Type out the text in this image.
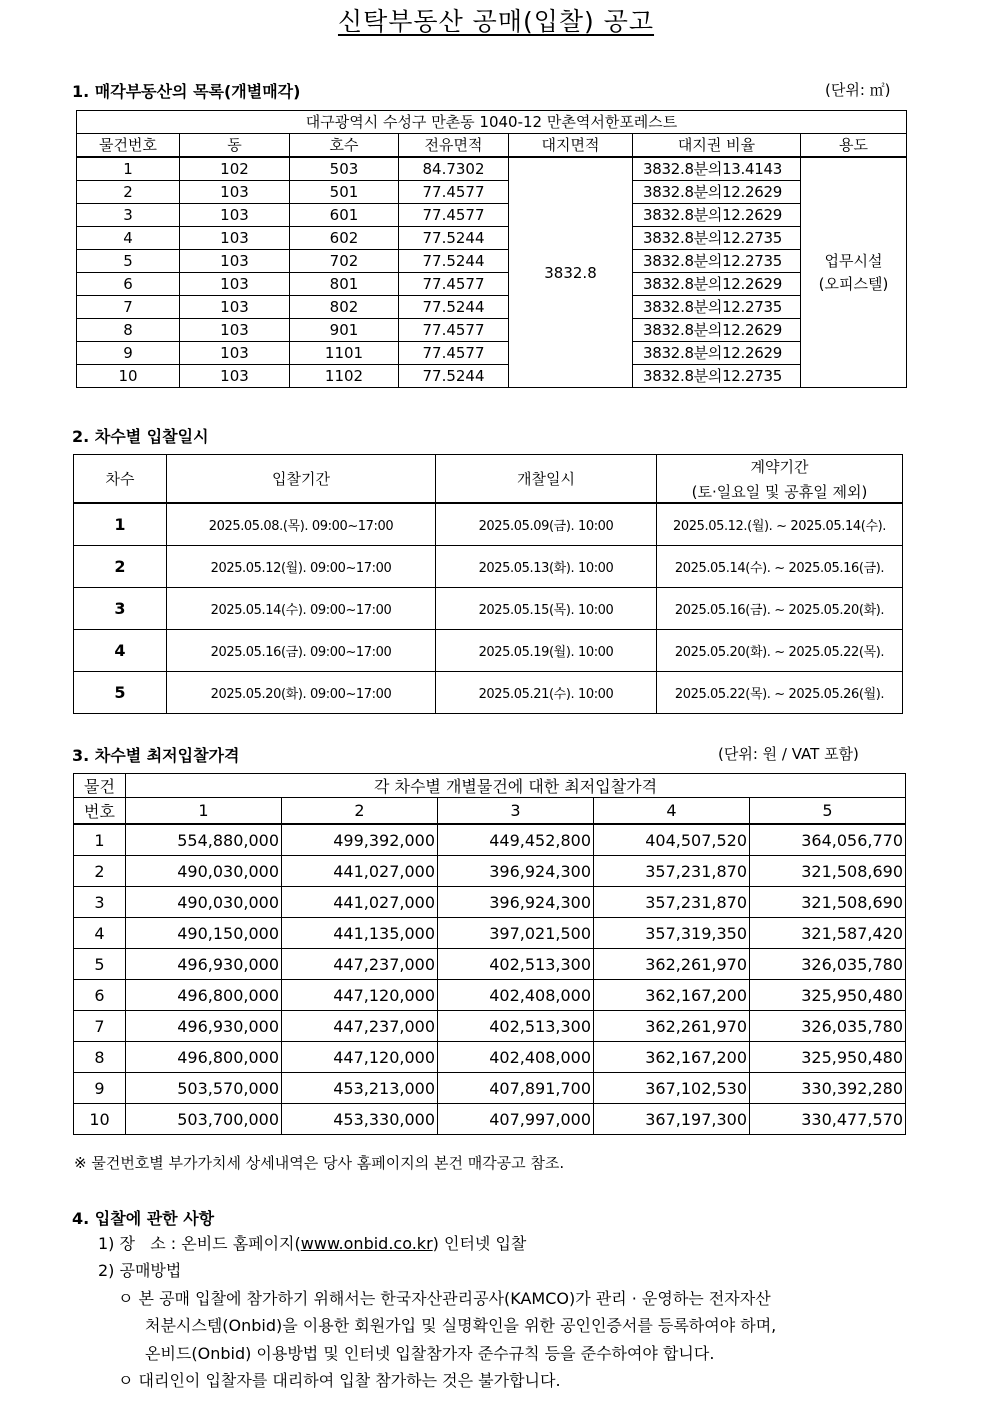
신탁부동산 공매(입찰) 공고
1. 매각부동산의 목록(개별매각)	(단위: ㎡)
대구광역시 수성구 만촌동 1040-12 만촌역서한포레스트						
물건번호	동	호수	전유면적	대지면적	대지권 비율	용도
1	102	503	84.7302	3832.8	3832.8분의13.4143	업무시설
(오피스텔)

2	103	501	77.4577		3832.8분의12.2629	
3	103	601	77.4577		3832.8분의12.2629	
4	103	602	77.5244		3832.8분의12.2735	
5	103	702	77.5244		3832.8분의12.2735	
6	103	801	77.4577		3832.8분의12.2629	
7	103	802	77.5244		3832.8분의12.2735	
8	103	901	77.4577		3832.8분의12.2629	
9	103	1101	77.4577		3832.8분의12.2629	
10	103	1102	77.5244		3832.8분의12.2735	
2. 차수별 입찰일시
차수	입찰기간	개찰일시	계약기간
(토·일요일 및 공휴일 제외)

1	2025.05.08.(목). 09:00~17:00	2025.05.09(금). 10:00	2025.05.12.(월). ~ 2025.05.14(수).
2	2025.05.12(월). 09:00~17:00	2025.05.13(화). 10:00	2025.05.14(수). ~ 2025.05.16(금).
3	2025.05.14(수). 09:00~17:00	2025.05.15(목). 10:00	2025.05.16(금). ~ 2025.05.20(화).
4	2025.05.16(금). 09:00~17:00	2025.05.19(월). 10:00	2025.05.20(화). ~ 2025.05.22(목).
5	2025.05.20(화). 09:00~17:00	2025.05.21(수). 10:00	2025.05.22(목). ~ 2025.05.26(월).
3. 차수별 최저입찰가격	(단위: 원 / VAT 포함)
물건	각 차수별 개별물건에 대한 최저입찰가격				
번호	1	2	3	4	5
1	554,880,000	499,392,000	449,452,800	404,507,520	364,056,770
2	490,030,000	441,027,000	396,924,300	357,231,870	321,508,690
3	490,030,000	441,027,000	396,924,300	357,231,870	321,508,690
4	490,150,000	441,135,000	397,021,500	357,319,350	321,587,420
5	496,930,000	447,237,000	402,513,300	362,261,970	326,035,780
6	496,800,000	447,120,000	402,408,000	362,167,200	325,950,480
7	496,930,000	447,237,000	402,513,300	362,261,970	326,035,780
8	496,800,000	447,120,000	402,408,000	362,167,200	325,950,480
9	503,570,000	453,213,000	407,891,700	367,102,530	330,392,280
10	503,700,000	453,330,000	407,997,000	367,197,300	330,477,570
※ 물건번호별 부가가치세 상세내역은 당사 홈페이지의 본건 매각공고 참조.
4. 입찰에 관한 사항
1) 장   소 : 온비드 홈페이지(www.onbid.co.kr) 인터넷 입찰
2) 공매방법
ㅇ 본 공매 입찰에 참가하기 위해서는 한국자산관리공사(KAMCO)가 관리 · 운영하는 전자자산
처분시스템(Onbid)을 이용한 회원가입 및 실명확인을 위한 공인인증서를 등록하여야 하며,
온비드(Onbid) 이용방법 및 인터넷 입찰참가자 준수규칙 등을 준수하여야 합니다.
ㅇ 대리인이 입찰자를 대리하여 입찰 참가하는 것은 불가합니다.
